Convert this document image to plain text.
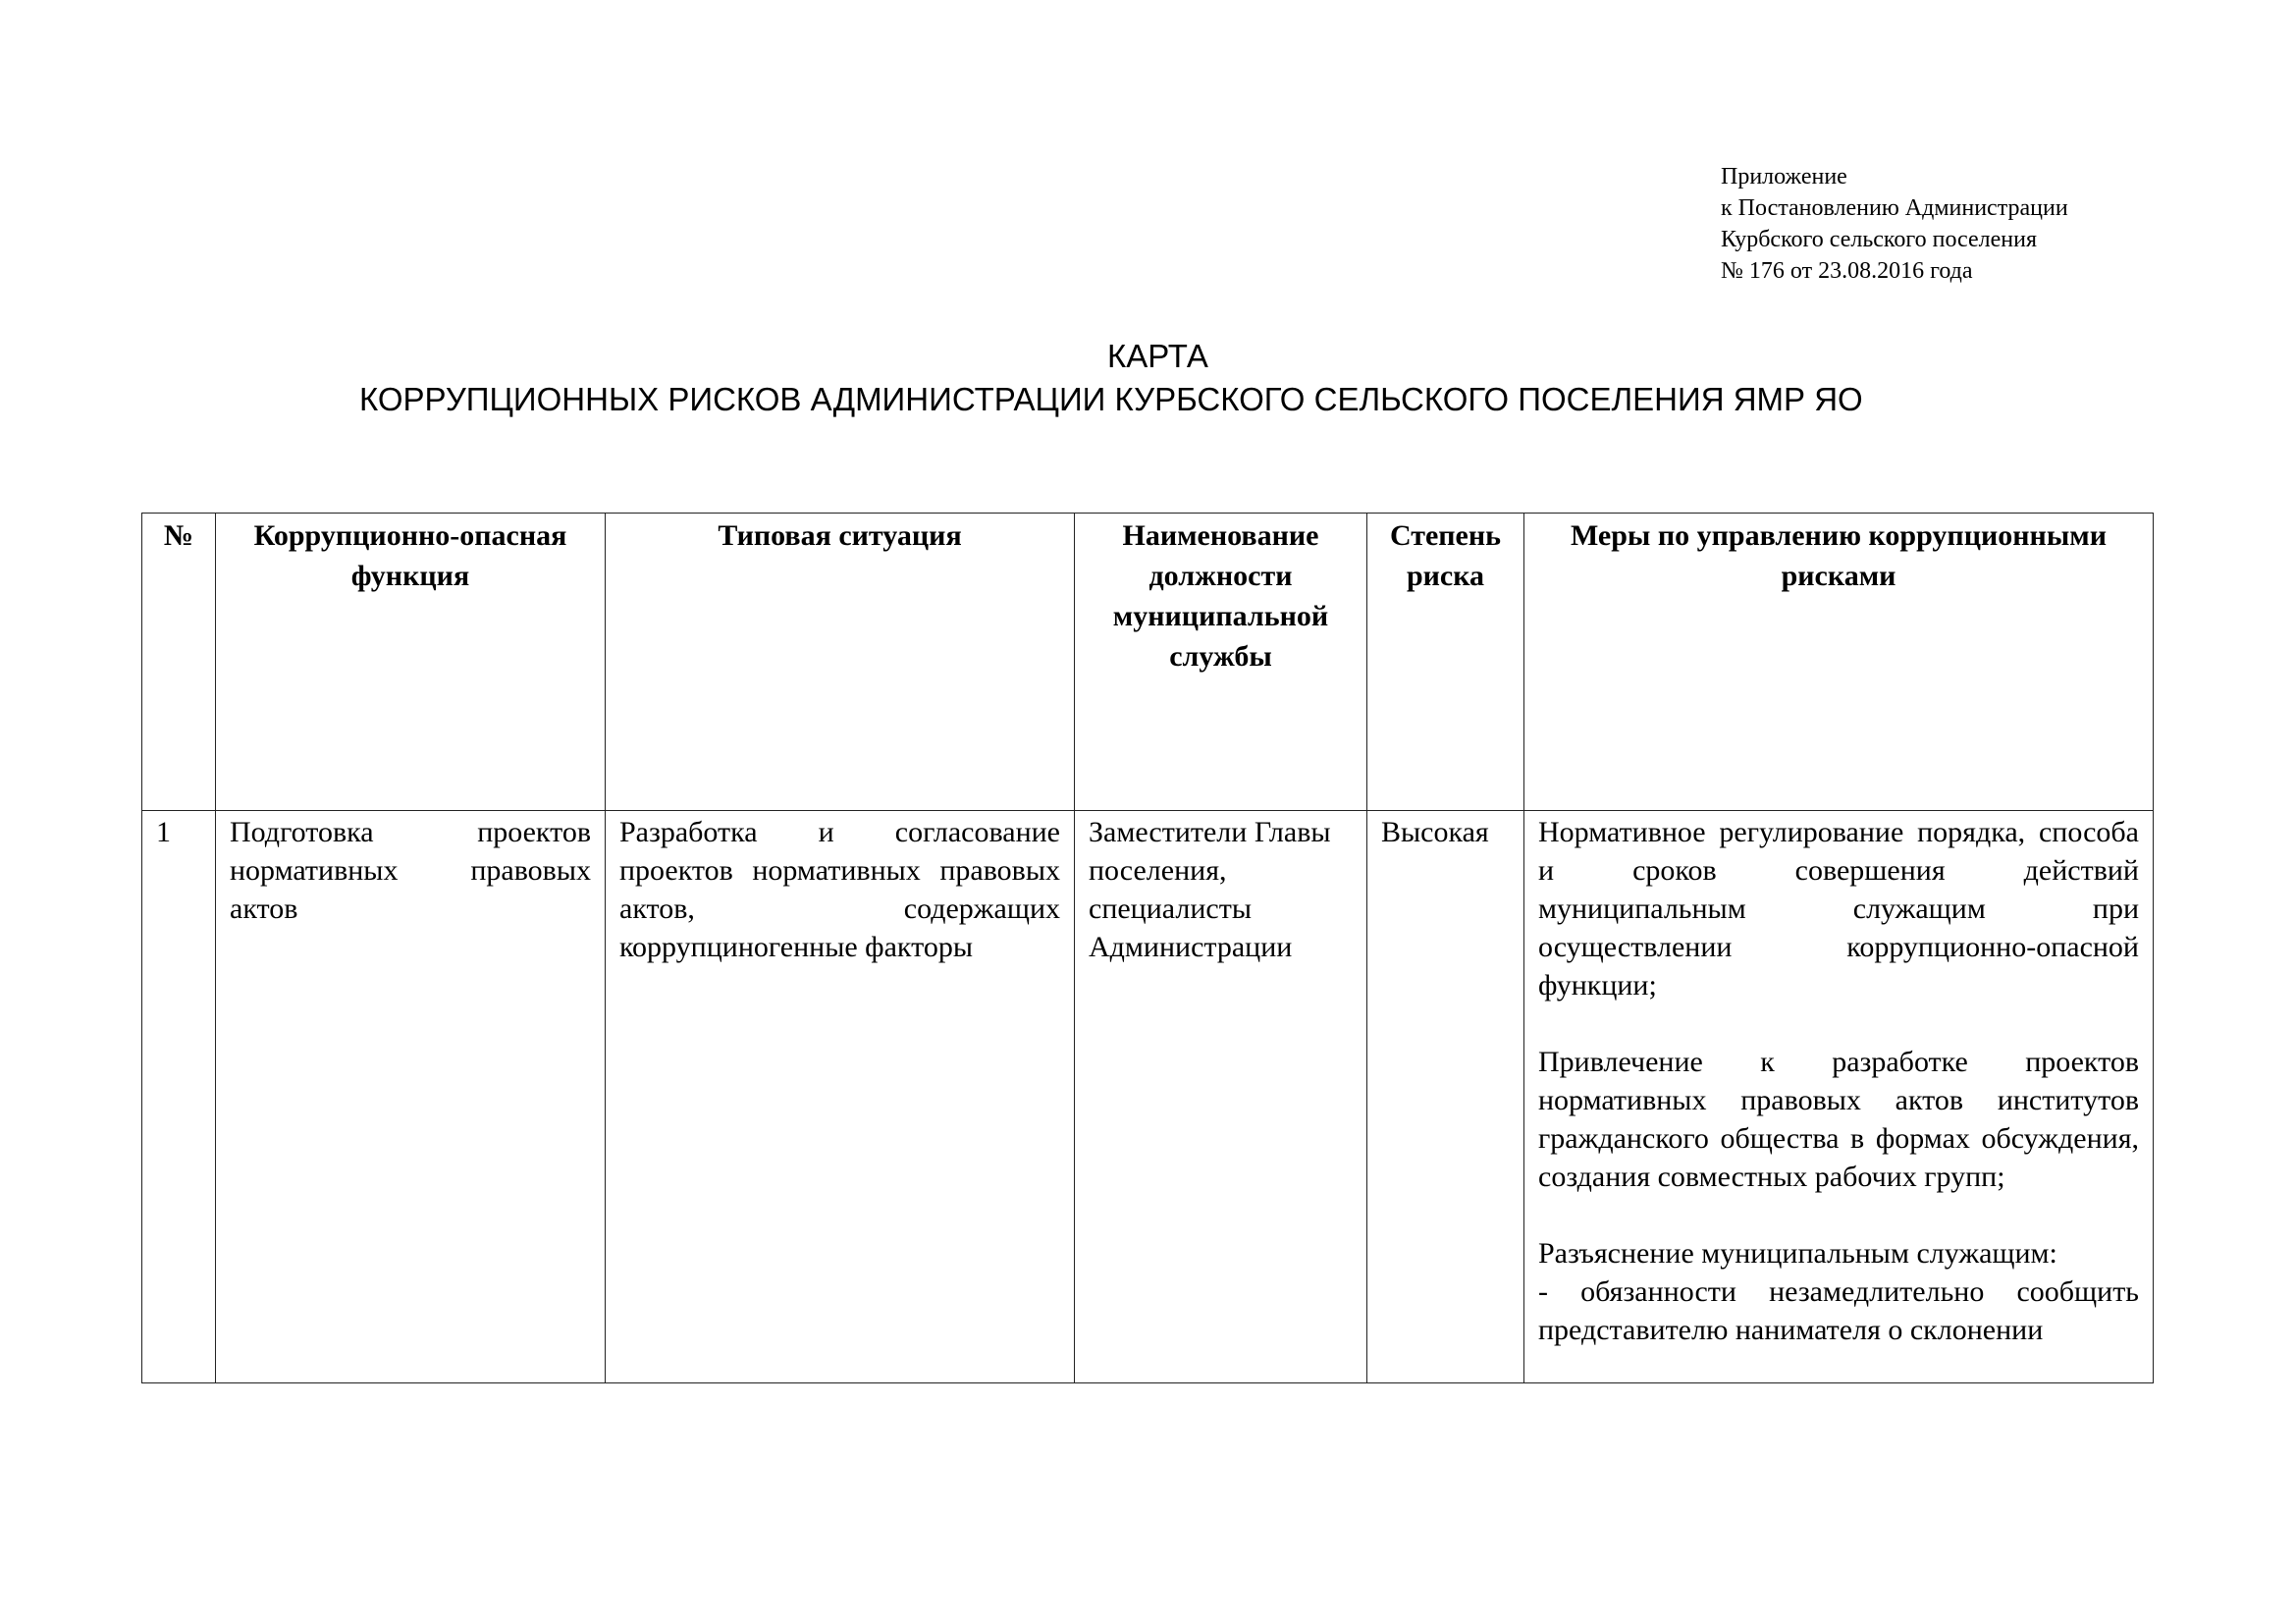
Приложение
к Постановлению Администрации
Курбского сельского поселения
№ 176 от 23.08.2016 года
КАРТА
КОРРУПЦИОННЫХ РИСКОВ АДМИНИСТРАЦИИ КУРБСКОГО СЕЛЬСКОГО ПОСЕЛЕНИЯ ЯМР ЯО
№	Коррупционно-опасная функция	Типовая ситуация	Наименование должности муниципальной службы	Степень риска	Меры по управлению коррупционными рисками
1	Подготовка проектов нормативных правовых актов	Разработка и согласование проектов нормативных правовых актов, содержащих коррупциногенные факторы	Заместители Главы поселения, специалисты Администрации	Высокая	Нормативное регулирование порядка, способа и сроков совершения действий муниципальным служащим при осуществлении коррупционно-опасной функции;

Привлечение к разработке проектов нормативных правовых актов институтов гражданского общества в формах обсуждения, создания совместных рабочих групп;

Разъяснение муниципальным служащим:
- обязанности незамедлительно сообщить представителю нанимателя о склонении
